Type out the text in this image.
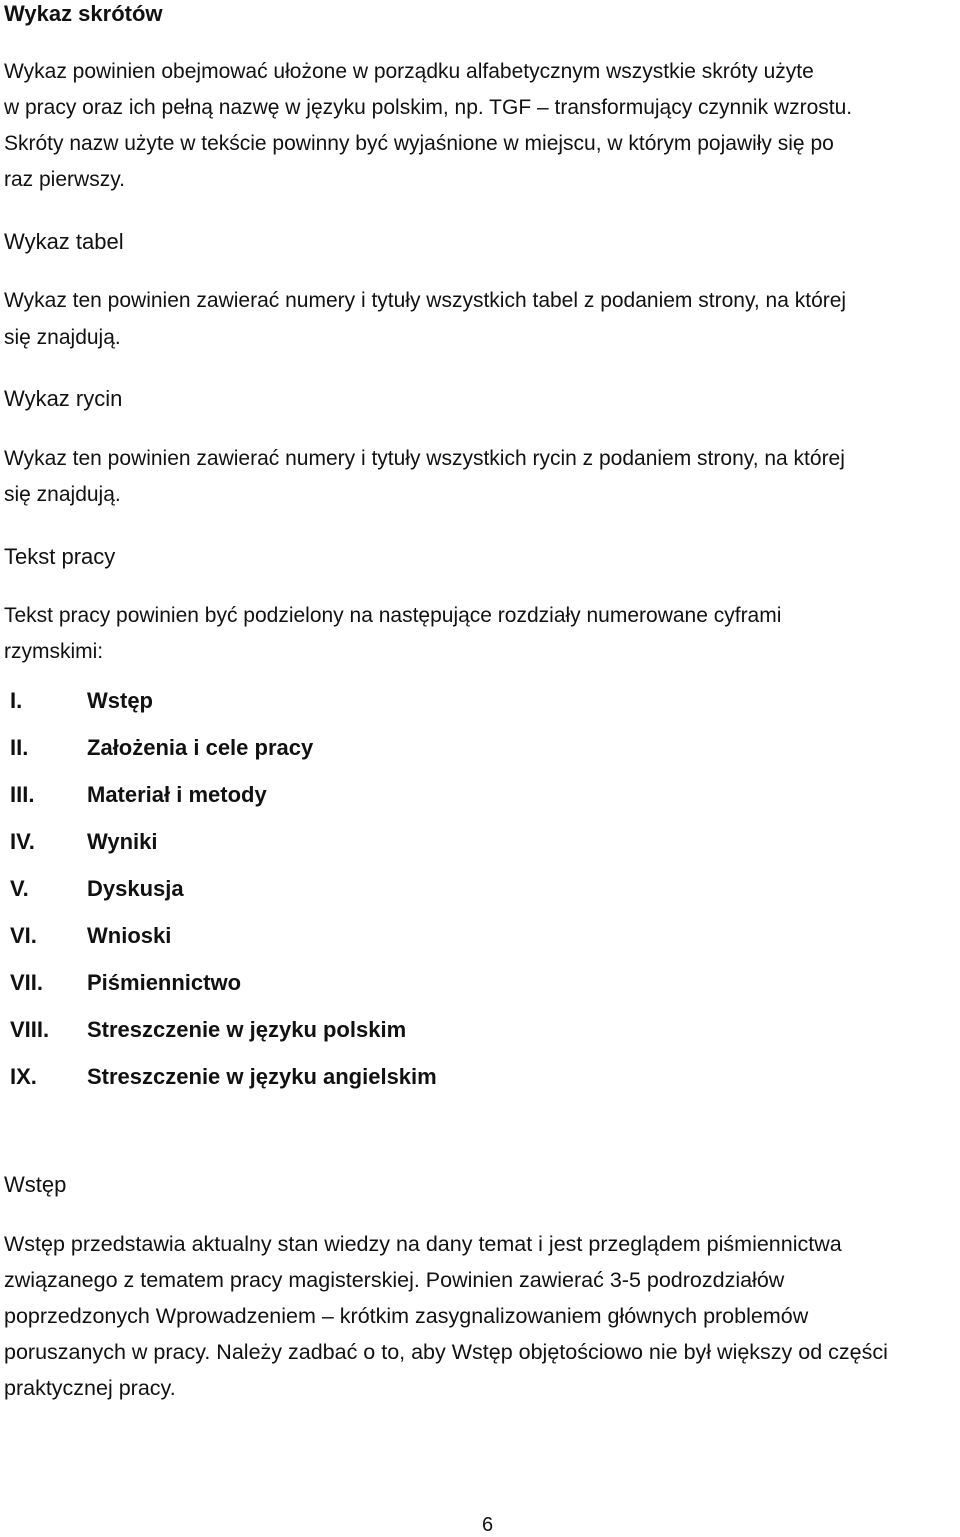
Wykaz skrótów
Wykaz powinien obejmować ułożone w porządku alfabetycznym wszystkie skróty użyte
w pracy oraz ich pełną nazwę w języku polskim, np. TGF – transformujący czynnik wzrostu.
Skróty nazw użyte w tekście powinny być wyjaśnione w miejscu, w którym pojawiły się po
raz pierwszy.
Wykaz tabel
Wykaz ten powinien zawierać numery i tytuły wszystkich tabel z podaniem strony, na której
się znajdują.
Wykaz rycin
Wykaz ten powinien zawierać numery i tytuły wszystkich rycin z podaniem strony, na której
się znajdują.
Tekst pracy
Tekst pracy powinien być podzielony na następujące rozdziały numerowane cyframi
rzymskimi:
I.	Wstęp
II.	Założenia i cele pracy
III. Materiał i metody
IV. Wyniki
V.	Dyskusja
VI. Wnioski
VII. Piśmiennictwo
VIII. Streszczenie w języku polskim
IX. Streszczenie w języku angielskim
Wstęp
Wstęp przedstawia aktualny stan wiedzy na dany temat i jest przeglądem piśmiennictwa
związanego z tematem pracy magisterskiej. Powinien zawierać 3-5 podrozdziałów
poprzedzonych Wprowadzeniem – krótkim zasygnalizowaniem głównych problemów
poruszanych w pracy. Należy zadbać o to, aby Wstęp objętościowo nie był większy od części
praktycznej pracy.
6
